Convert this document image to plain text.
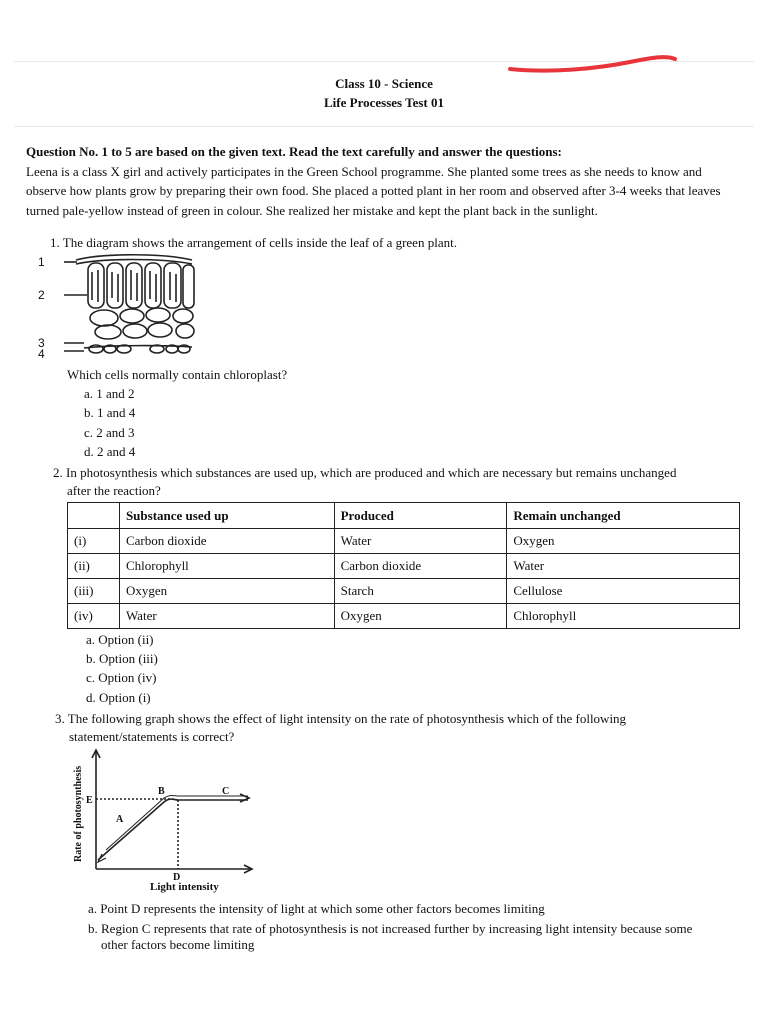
Class 10 - Science
Life Processes Test 01
Question No. 1 to 5 are based on the given text. Read the text carefully and answer the questions:
Leena is a class X girl and actively participates in the Green School programme. She planted some trees as she needs to know and observe how plants grow by preparing their own food. She placed a potted plant in her room and observed after 3-4 weeks that leaves turned pale-yellow instead of green in colour. She realized her mistake and kept the plant back in the sunlight.
1. The diagram shows the arrangement of cells inside the leaf of a green plant.
1
2
3
4
Which cells normally contain chloroplast?
a. 1 and 2
b. 1 and 4
c. 2 and 3
d. 2 and 4
2. In photosynthesis which substances are used up, which are produced and which are necessary but remains unchanged
after the reaction?
	Substance used up	Produced	Remain unchanged
(i)	Carbon dioxide	Water	Oxygen
(ii)	Chlorophyll	Carbon dioxide	Water
(iii)	Oxygen	Starch	Cellulose
(iv)	Water	Oxygen	Chlorophyll
a. Option (ii)
b. Option (iii)
c. Option (iv)
d. Option (i)
3. The following graph shows the effect of light intensity on the rate of photosynthesis which of the following
statement/statements is correct?
A
B	C
D
E
Light intensity
Rate of photosynthesis
a. Point D represents the intensity of light at which some other factors becomes limiting
b. Region C represents that rate of photosynthesis is not increased further by increasing light intensity because some
other factors become limiting
